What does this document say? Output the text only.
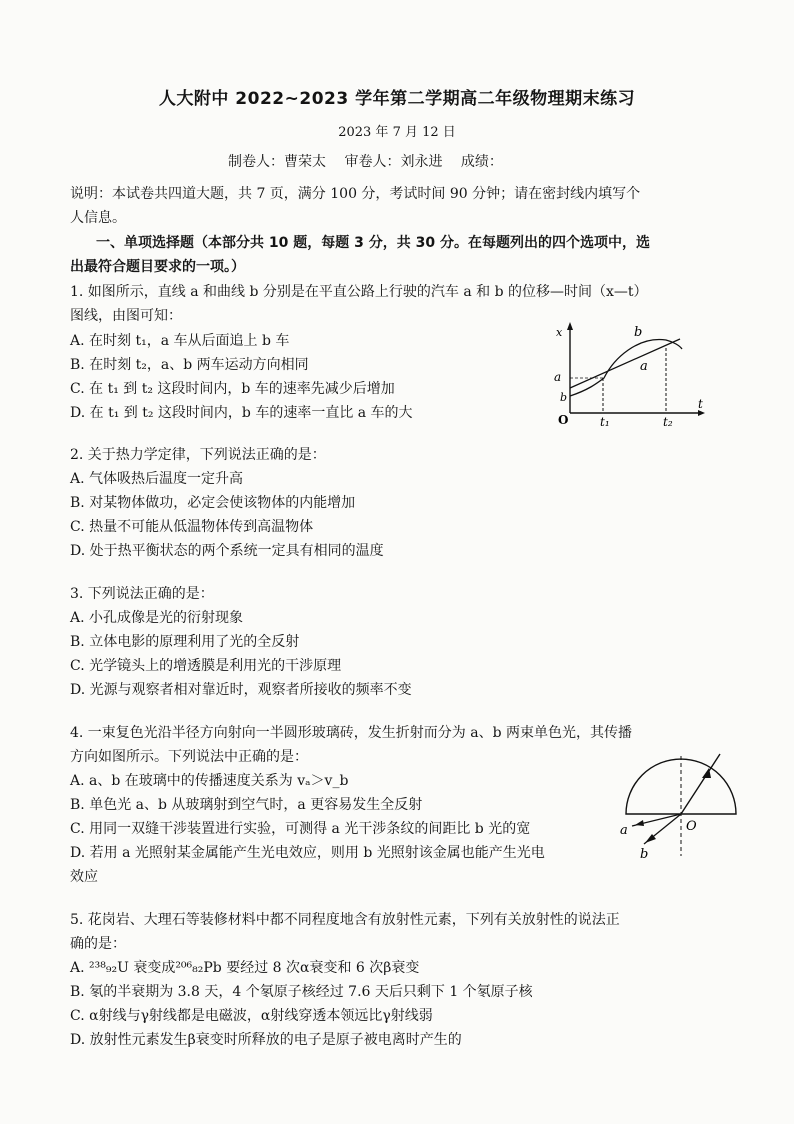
人大附中 2022~2023 学年第二学期高二年级物理期末练习
2023 年 7 月 12 日
制卷人：曹荣太 审卷人：刘永进 成绩：
说明：本试卷共四道大题，共 7 页，满分 100 分，考试时间 90 分钟；请在密封线内填写个
人信息。
一、单项选择题（本部分共 10 题，每题 3 分，共 30 分。在每题列出的四个选项中，选
出最符合题目要求的一项。）
1. 如图所示，直线 a 和曲线 b 分别是在平直公路上行驶的汽车 a 和 b 的位移—时间（x—t）
图线，由图可知：
A. 在时刻 t₁，a 车从后面追上 b 车
B. 在时刻 t₂，a、b 两车运动方向相同
C. 在 t₁ 到 t₂ 这段时间内，b 车的速率先减少后增加
D. 在 t₁ 到 t₂ 这段时间内，b 车的速率一直比 a 车的大
x
t
O
a
b
b
a
t₁	t₂
2. 关于热力学定律，下列说法正确的是：
A. 气体吸热后温度一定升高
B. 对某物体做功，必定会使该物体的内能增加
C. 热量不可能从低温物体传到高温物体
D. 处于热平衡状态的两个系统一定具有相同的温度
3. 下列说法正确的是：
A. 小孔成像是光的衍射现象
B. 立体电影的原理利用了光的全反射
C. 光学镜头上的增透膜是利用光的干涉原理
D. 光源与观察者相对靠近时，观察者所接收的频率不变
4. 一束复色光沿半径方向射向一半圆形玻璃砖，发生折射而分为 a、b 两束单色光，其传播
方向如图所示。下列说法中正确的是：
A. a、b 在玻璃中的传播速度关系为 vₐ＞v_b
B. 单色光 a、b 从玻璃射到空气时，a 更容易发生全反射
C. 用同一双缝干涉装置进行实验，可测得 a 光干涉条纹的间距比 b 光的宽
D. 若用 a 光照射某金属能产生光电效应，则用 b 光照射该金属也能产生光电
效应
a
b
O
5. 花岗岩、大理石等装修材料中都不同程度地含有放射性元素，下列有关放射性的说法正
确的是：
A. ²³⁸₉₂U 衰变成²⁰⁶₈₂Pb 要经过 8 次α衰变和 6 次β衰变
B. 氡的半衰期为 3.8 天，4 个氡原子核经过 7.6 天后只剩下 1 个氡原子核
C. α射线与γ射线都是电磁波，α射线穿透本领远比γ射线弱
D. 放射性元素发生β衰变时所释放的电子是原子被电离时产生的
